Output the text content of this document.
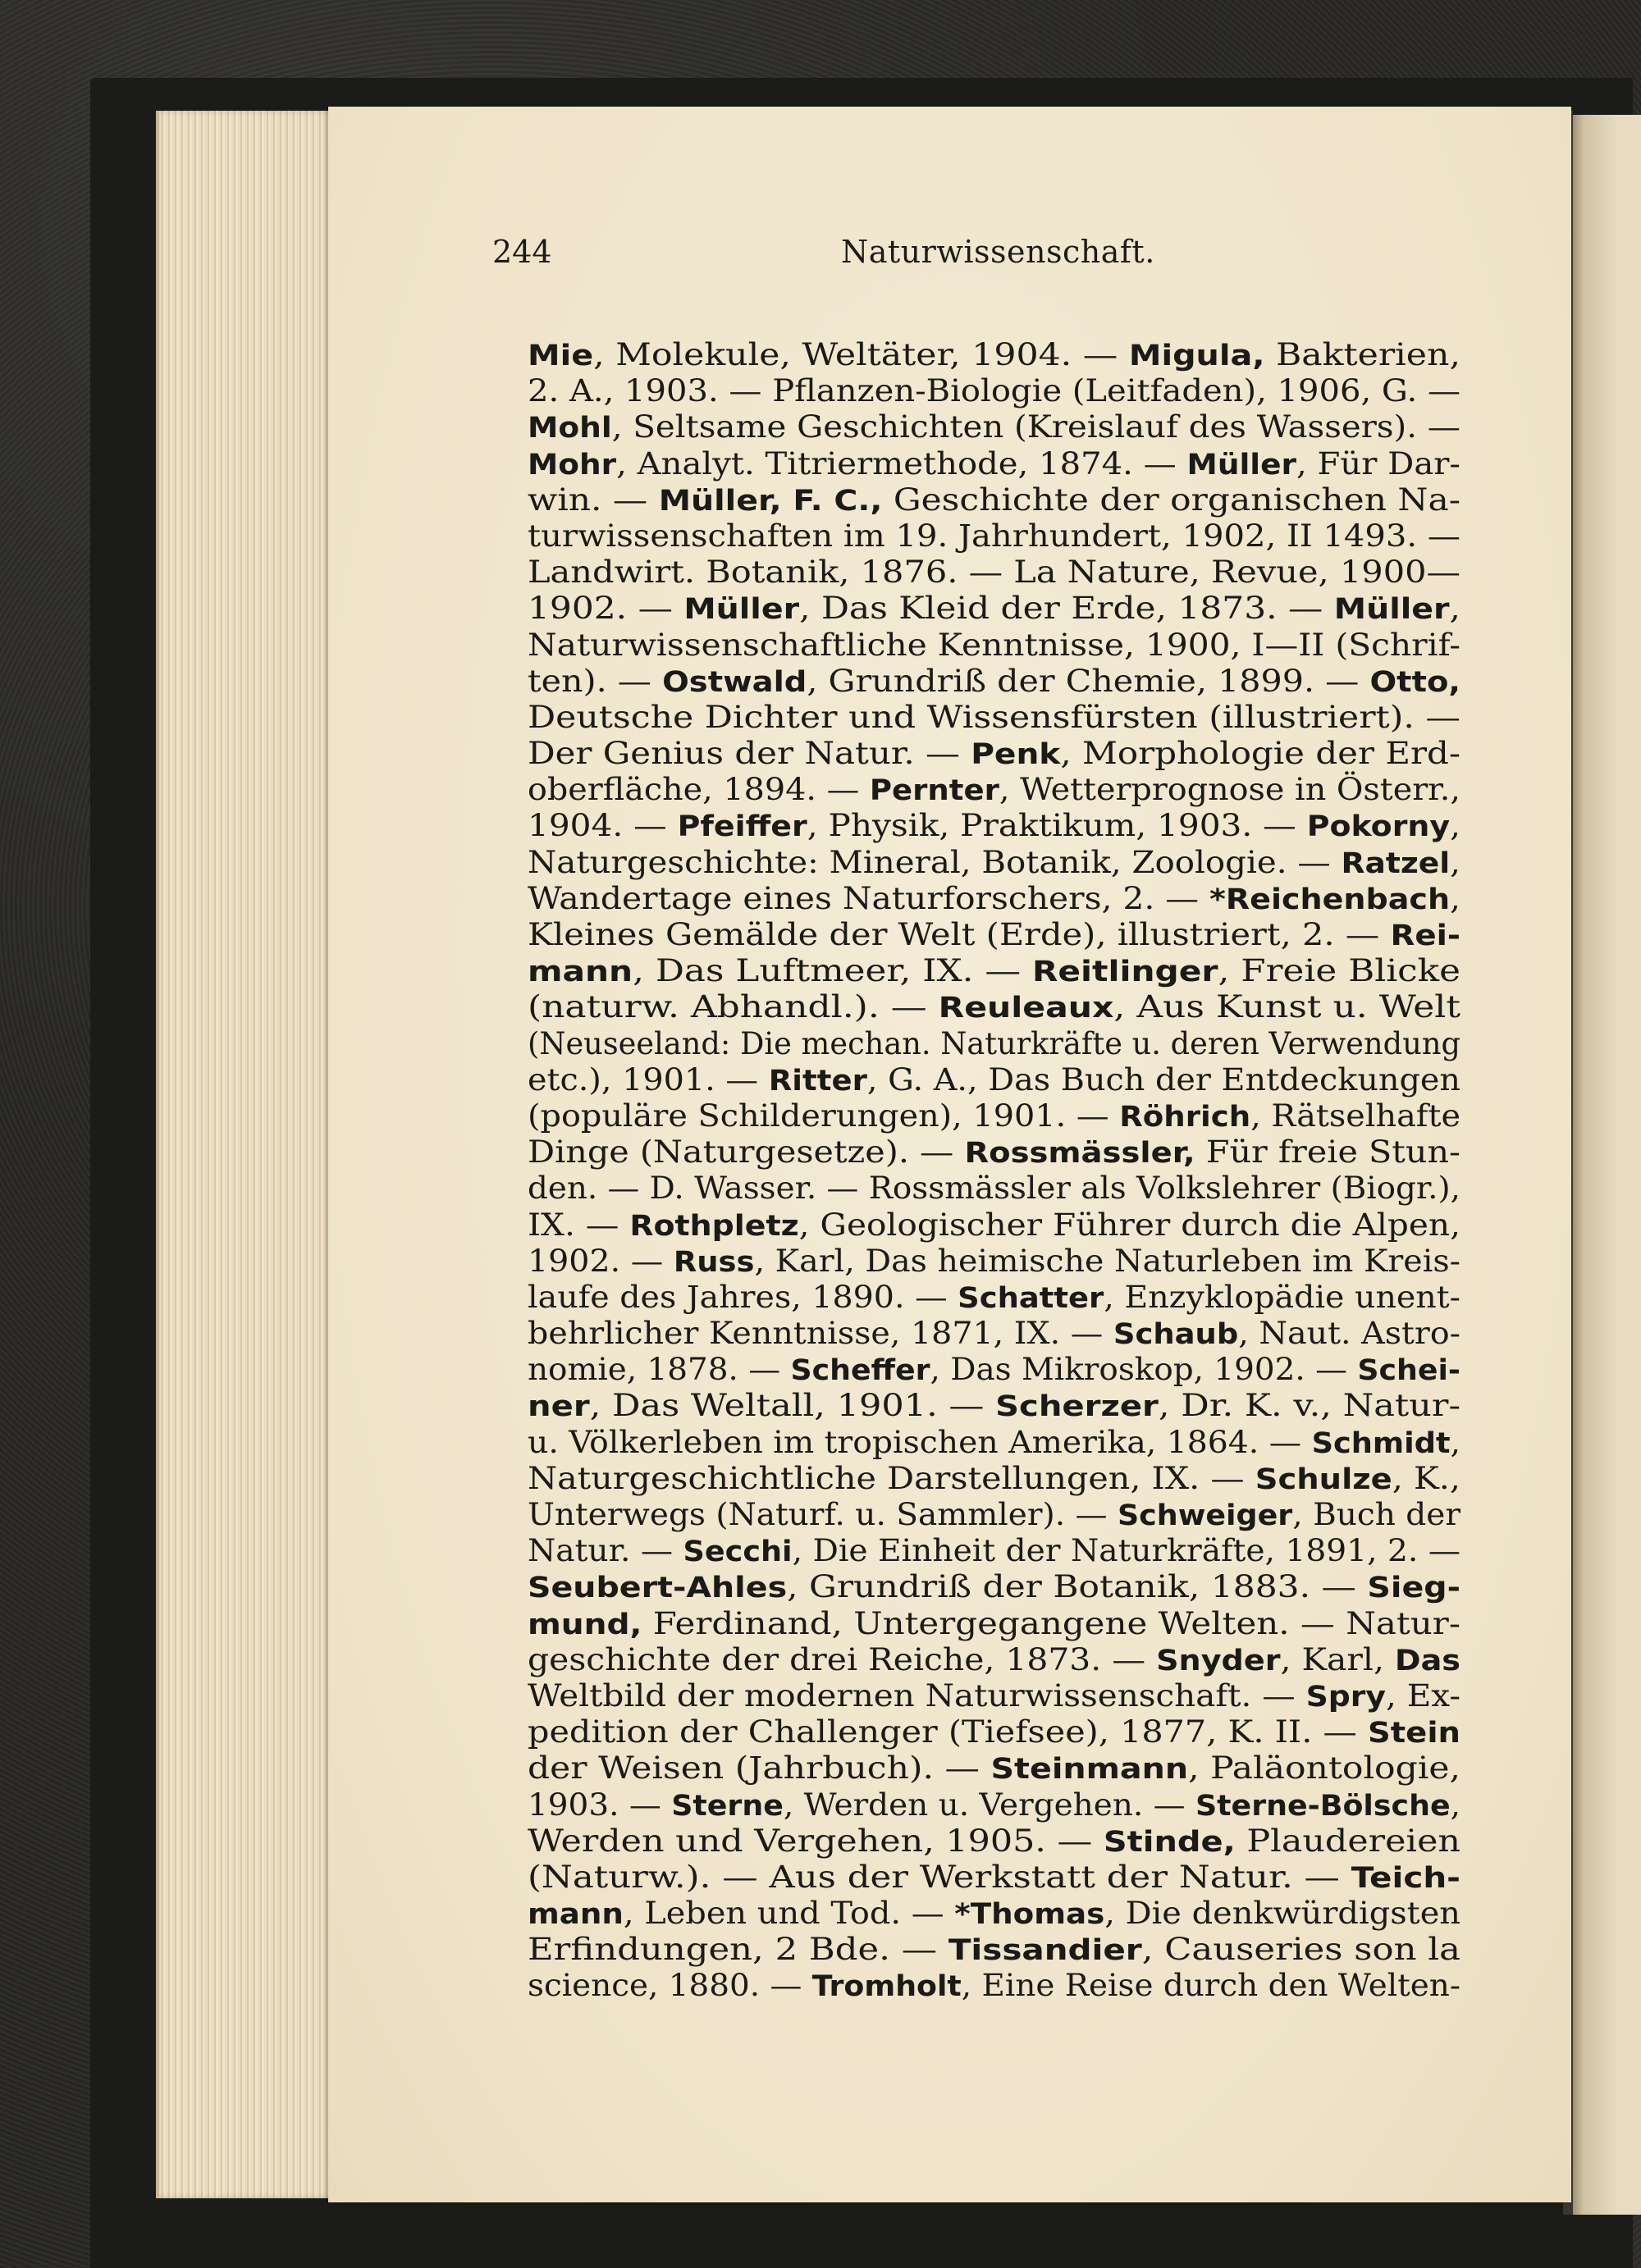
244	Naturwissenschaft.
Mie, Molekule, Weltäter, 1904. — Migula, Bakterien,
2. A., 1903. — Pflanzen-Biologie (Leitfaden), 1906, G. —
Mohl, Seltsame Geschichten (Kreislauf des Wassers). —
Mohr, Analyt. Titriermethode, 1874. — Müller, Für Dar-
win. — Müller, F. C., Geschichte der organischen Na-
turwissenschaften im 19. Jahrhundert, 1902, II 1493. —
Landwirt. Botanik, 1876. — La Nature, Revue, 1900—
1902. — Müller, Das Kleid der Erde, 1873. — Müller,
Naturwissenschaftliche Kenntnisse, 1900, I—II (Schrif-
ten). — Ostwald, Grundriß der Chemie, 1899. — Otto,
Deutsche Dichter und Wissensfürsten (illustriert). —
Der Genius der Natur. — Penk, Morphologie der Erd-
oberfläche, 1894. — Pernter, Wetterprognose in Österr.,
1904. — Pfeiffer, Physik, Praktikum, 1903. — Pokorny,
Naturgeschichte: Mineral, Botanik, Zoologie. — Ratzel,
Wandertage eines Naturforschers, 2. — *Reichenbach,
Kleines Gemälde der Welt (Erde), illustriert, 2. — Rei-
mann, Das Luftmeer, IX. — Reitlinger, Freie Blicke
(naturw. Abhandl.). — Reuleaux, Aus Kunst u. Welt
(Neuseeland: Die mechan. Naturkräfte u. deren Verwendung
etc.), 1901. — Ritter, G. A., Das Buch der Entdeckungen
(populäre Schilderungen), 1901. — Röhrich, Rätselhafte
Dinge (Naturgesetze). — Rossmässler, Für freie Stun-
den. — D. Wasser. — Rossmässler als Volkslehrer (Biogr.),
IX. — Rothpletz, Geologischer Führer durch die Alpen,
1902. — Russ, Karl, Das heimische Naturleben im Kreis-
laufe des Jahres, 1890. — Schatter, Enzyklopädie unent-
behrlicher Kenntnisse, 1871, IX. — Schaub, Naut. Astro-
nomie, 1878. — Scheffer, Das Mikroskop, 1902. — Schei-
ner, Das Weltall, 1901. — Scherzer, Dr. K. v., Natur-
u. Völkerleben im tropischen Amerika, 1864. — Schmidt,
Naturgeschichtliche Darstellungen, IX. — Schulze, K.,
Unterwegs (Naturf. u. Sammler). — Schweiger, Buch der
Natur. — Secchi, Die Einheit der Naturkräfte, 1891, 2. —
Seubert-Ahles, Grundriß der Botanik, 1883. — Sieg-
mund, Ferdinand, Untergegangene Welten. — Natur-
geschichte der drei Reiche, 1873. — Snyder, Karl, Das
Weltbild der modernen Naturwissenschaft. — Spry, Ex-
pedition der Challenger (Tiefsee), 1877, K. II. — Stein
der Weisen (Jahrbuch). — Steinmann, Paläontologie,
1903. — Sterne, Werden u. Vergehen. — Sterne-Bölsche,
Werden und Vergehen, 1905. — Stinde, Plaudereien
(Naturw.). — Aus der Werkstatt der Natur. — Teich-
mann, Leben und Tod. — *Thomas, Die denkwürdigsten
Erfindungen, 2 Bde. — Tissandier, Causeries son la
science, 1880. — Tromholt, Eine Reise durch den Welten-
